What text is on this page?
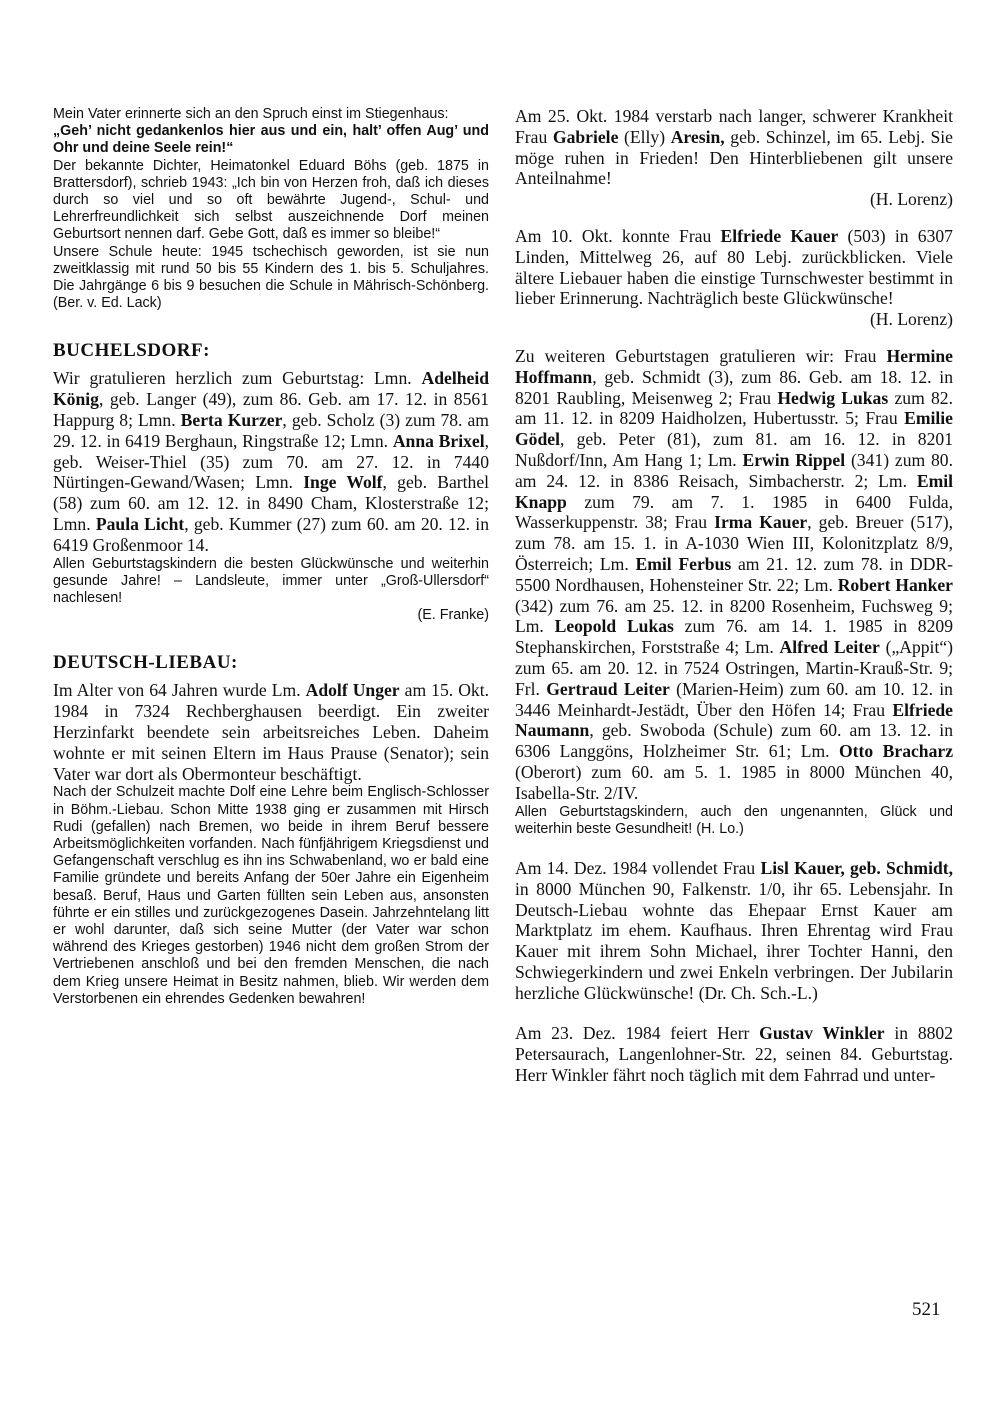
Mein Vater erinnerte sich an den Spruch einst im Stiegenhaus:

„Geh’ nicht gedankenlos hier aus und ein, halt’ offen Aug’ und Ohr und deine Seele rein!“

Der bekannte Dichter, Heimatonkel Eduard Böhs (geb. 1875 in Brattersdorf), schrieb 1943: „Ich bin von Herzen froh, daß ich dieses durch so viel und so oft bewährte Jugend-, Schul- und Lehrerfreundlichkeit sich selbst auszeichnende Dorf meinen Geburtsort nennen darf. Gebe Gott, daß es immer so bleibe!“

Unsere Schule heute: 1945 tschechisch geworden, ist sie nun zweitklassig mit rund 50 bis 55 Kindern des 1. bis 5. Schuljahres. Die Jahrgänge 6 bis 9 besuchen die Schule in Mährisch-Schönberg. (Ber. v. Ed. Lack)

BUCHELSDORF:

Wir gratulieren herzlich zum Geburtstag: Lmn. Adelheid König, geb. Langer (49), zum 86. Geb. am 17. 12. in 8561 Happurg 8; Lmn. Berta Kurzer, geb. Scholz (3) zum 78. am 29. 12. in 6419 Berghaun, Ringstraße 12; Lmn. Anna Brixel, geb. Weiser-Thiel (35) zum 70. am 27. 12. in 7440 Nürtingen-Gewand/Wasen; Lmn. Inge Wolf, geb. Barthel (58) zum 60. am 12. 12. in 8490 Cham, Klosterstraße 12; Lmn. Paula Licht, geb. Kummer (27) zum 60. am 20. 12. in 6419 Großenmoor 14.

Allen Geburtstagskindern die besten Glückwünsche und weiterhin gesunde Jahre! – Landsleute, immer unter „Groß-Ullersdorf“ nachlesen!

(E. Franke)

DEUTSCH-LIEBAU:

Im Alter von 64 Jahren wurde Lm. Adolf Unger am 15. Okt. 1984 in 7324 Rechberghausen beerdigt. Ein zweiter Herzinfarkt beendete sein arbeitsreiches Leben. Daheim wohnte er mit seinen Eltern im Haus Prause (Senator); sein Vater war dort als Obermonteur beschäftigt.

Nach der Schulzeit machte Dolf eine Lehre beim Englisch-Schlosser in Böhm.-Liebau. Schon Mitte 1938 ging er zusammen mit Hirsch Rudi (gefallen) nach Bremen, wo beide in ihrem Beruf bessere Arbeitsmöglichkeiten vorfanden. Nach fünfjährigem Kriegsdienst und Gefangenschaft verschlug es ihn ins Schwabenland, wo er bald eine Familie gründete und bereits Anfang der 50er Jahre ein Eigenheim besaß. Beruf, Haus und Garten füllten sein Leben aus, ansonsten führte er ein stilles und zurückgezogenes Dasein. Jahrzehntelang litt er wohl darunter, daß sich seine Mutter (der Vater war schon während des Krieges gestorben) 1946 nicht dem großen Strom der Vertriebenen anschloß und bei den fremden Menschen, die nach dem Krieg unsere Heimat in Besitz nahmen, blieb. Wir werden dem Verstorbenen ein ehrendes Gedenken bewahren!

Am 25. Okt. 1984 verstarb nach langer, schwerer Krankheit Frau Gabriele (Elly) Aresin, geb. Schinzel, im 65. Lebj. Sie möge ruhen in Frieden! Den Hinterbliebenen gilt unsere Anteilnahme!

(H. Lorenz)

Am 10. Okt. konnte Frau Elfriede Kauer (503) in 6307 Linden, Mittelweg 26, auf 80 Lebj. zurückblicken. Viele ältere Liebauer haben die einstige Turnschwester bestimmt in lieber Erinnerung. Nachträglich beste Glückwünsche!

(H. Lorenz)

Zu weiteren Geburtstagen gratulieren wir: Frau Hermine Hoffmann, geb. Schmidt (3), zum 86. Geb. am 18. 12. in 8201 Raubling, Meisenweg 2; Frau Hedwig Lukas zum 82. am 11. 12. in 8209 Haidholzen, Hubertusstr. 5; Frau Emilie Gödel, geb. Peter (81), zum 81. am 16. 12. in 8201 Nußdorf/Inn, Am Hang 1; Lm. Erwin Rippel (341) zum 80. am 24. 12. in 8386 Reisach, Simbacherstr. 2; Lm. Emil Knapp zum 79. am 7. 1. 1985 in 6400 Fulda, Wasserkuppenstr. 38; Frau Irma Kauer, geb. Breuer (517), zum 78. am 15. 1. in A-1030 Wien III, Kolonitzplatz 8/9, Österreich; Lm. Emil Ferbus am 21. 12. zum 78. in DDR-5500 Nordhausen, Hohensteiner Str. 22; Lm. Robert Hanker (342) zum 76. am 25. 12. in 8200 Rosenheim, Fuchsweg 9; Lm. Leopold Lukas zum 76. am 14. 1. 1985 in 8209 Stephanskirchen, Forststraße 4; Lm. Alfred Leiter („Appit“) zum 65. am 20. 12. in 7524 Ostringen, Martin-Krauß-Str. 9; Frl. Gertraud Leiter (Marien-Heim) zum 60. am 10. 12. in 3446 Meinhardt-Jestädt, Über den Höfen 14; Frau Elfriede Naumann, geb. Swoboda (Schule) zum 60. am 13. 12. in 6306 Langgöns, Holzheimer Str. 61; Lm. Otto Bracharz (Oberort) zum 60. am 5. 1. 1985 in 8000 München 40, Isabella-Str. 2/IV.

Allen Geburtstagskindern, auch den ungenannten, Glück und weiterhin beste Gesundheit! (H. Lo.)

Am 14. Dez. 1984 vollendet Frau Lisl Kauer, geb. Schmidt, in 8000 München 90, Falkenstr. 1/0, ihr 65. Lebensjahr. In Deutsch-Liebau wohnte das Ehepaar Ernst Kauer am Marktplatz im ehem. Kaufhaus. Ihren Ehrentag wird Frau Kauer mit ihrem Sohn Michael, ihrer Tochter Hanni, den Schwiegerkindern und zwei Enkeln verbringen. Der Jubilarin herzliche Glückwünsche! (Dr. Ch. Sch.-L.)

Am 23. Dez. 1984 feiert Herr Gustav Winkler in 8802 Petersaurach, Langenlohner-Str. 22, seinen 84. Geburtstag. Herr Winkler fährt noch täglich mit dem Fahrrad und unter-

521
